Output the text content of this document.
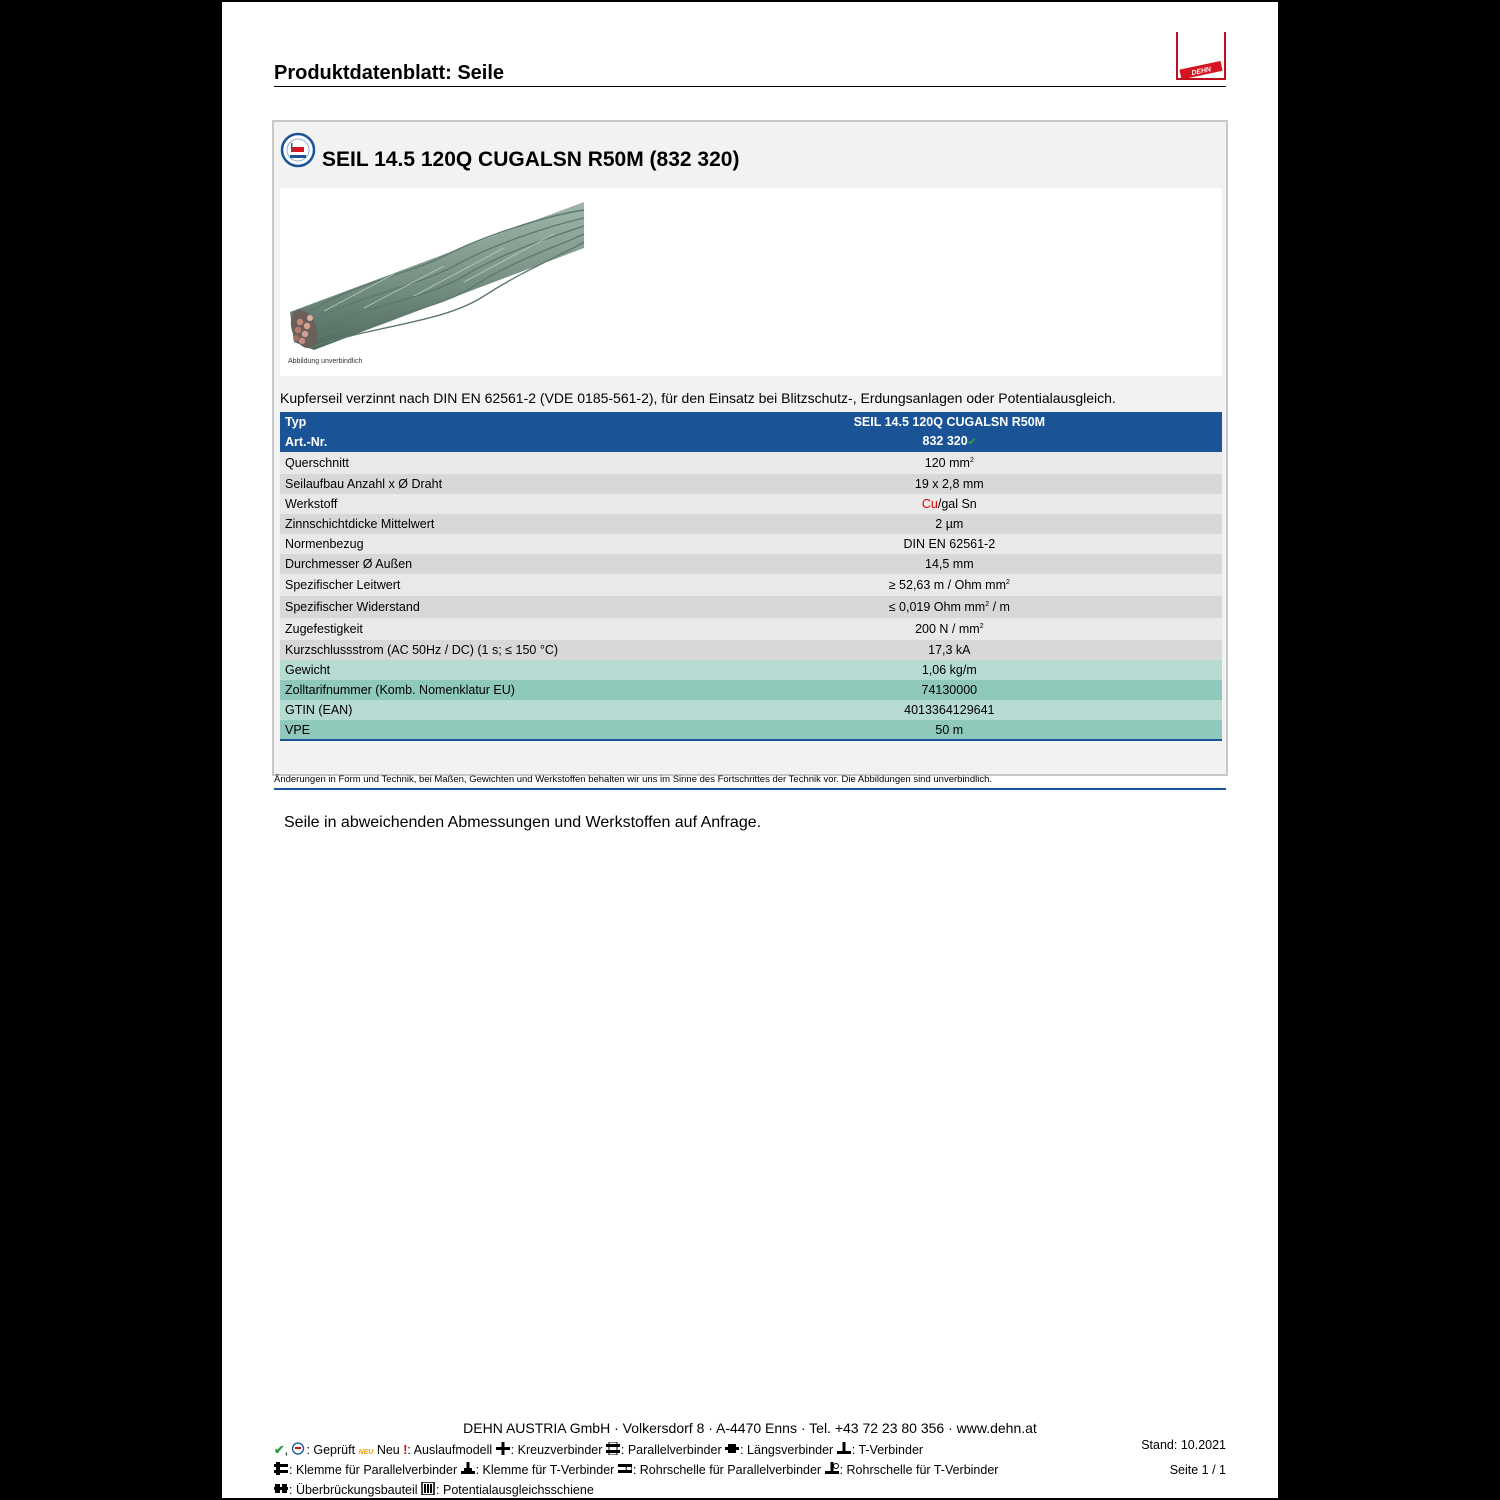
Produktdatenblatt: Seile	DEHN
SEIL 14.5 120Q CUGALSN R50M (832 320)
Abbildung unverbindlich
Kupferseil verzinnt nach DIN EN 62561-2 (VDE 0185-561-2), für den Einsatz bei Blitzschutz-, Erdungsanlagen oder Potentialausgleich.
Typ	SEIL 14.5 120Q CUGALSN R50M
Art.-Nr.	832 320✔
Querschnitt	120 $mm^2$
Seilaufbau Anzahl x Ø Draht	19 x 2,8 mm
Werkstoff	Cu/gal Sn
Zinnschichtdicke Mittelwert	2 µm
Normenbezug	DIN EN 62561-2
Durchmesser Ø Außen	14,5 mm
Spezifischer Leitwert	≥ 52,63 m / Ohm $mm^2$
Spezifischer Widerstand	≤ 0,019 Ohm $mm^2$ / m
Zugefestigkeit	200 N / $mm^2$
Kurzschlussstrom (AC 50Hz / DC) (1 s; ≤ 150 °C)	17,3 kA
Gewicht	1,06 kg/m
Zolltarifnummer (Komb. Nomenklatur EU)	74130000
GTIN (EAN)	4013364129641
VPE	50 m
Änderungen in Form und Technik, bei Maßen, Gewichten und Werkstoffen behalten wir uns im Sinne des Fortschrittes der Technik vor. Die Abbildungen sind unverbindlich.
Seile in abweichenden Abmessungen und Werkstoffen auf Anfrage.
DEHN AUSTRIA GmbH · Volkersdorf 8 · A-4470 Enns · Tel. +43 72 23 80 356 · www.dehn.at
✔, : Geprüft NEU Neu !: Auslaufmodell : Kreuzverbinder : Parallelverbinder : Längsverbinder : T-Verbinder
: Klemme für Parallelverbinder : Klemme für T-Verbinder : Rohrschelle für Parallelverbinder : Rohrschelle für T-Verbinder
: Überbrückungsbauteil : Potentialausgleichsschiene
Stand: 10.2021
Seite 1 / 1
